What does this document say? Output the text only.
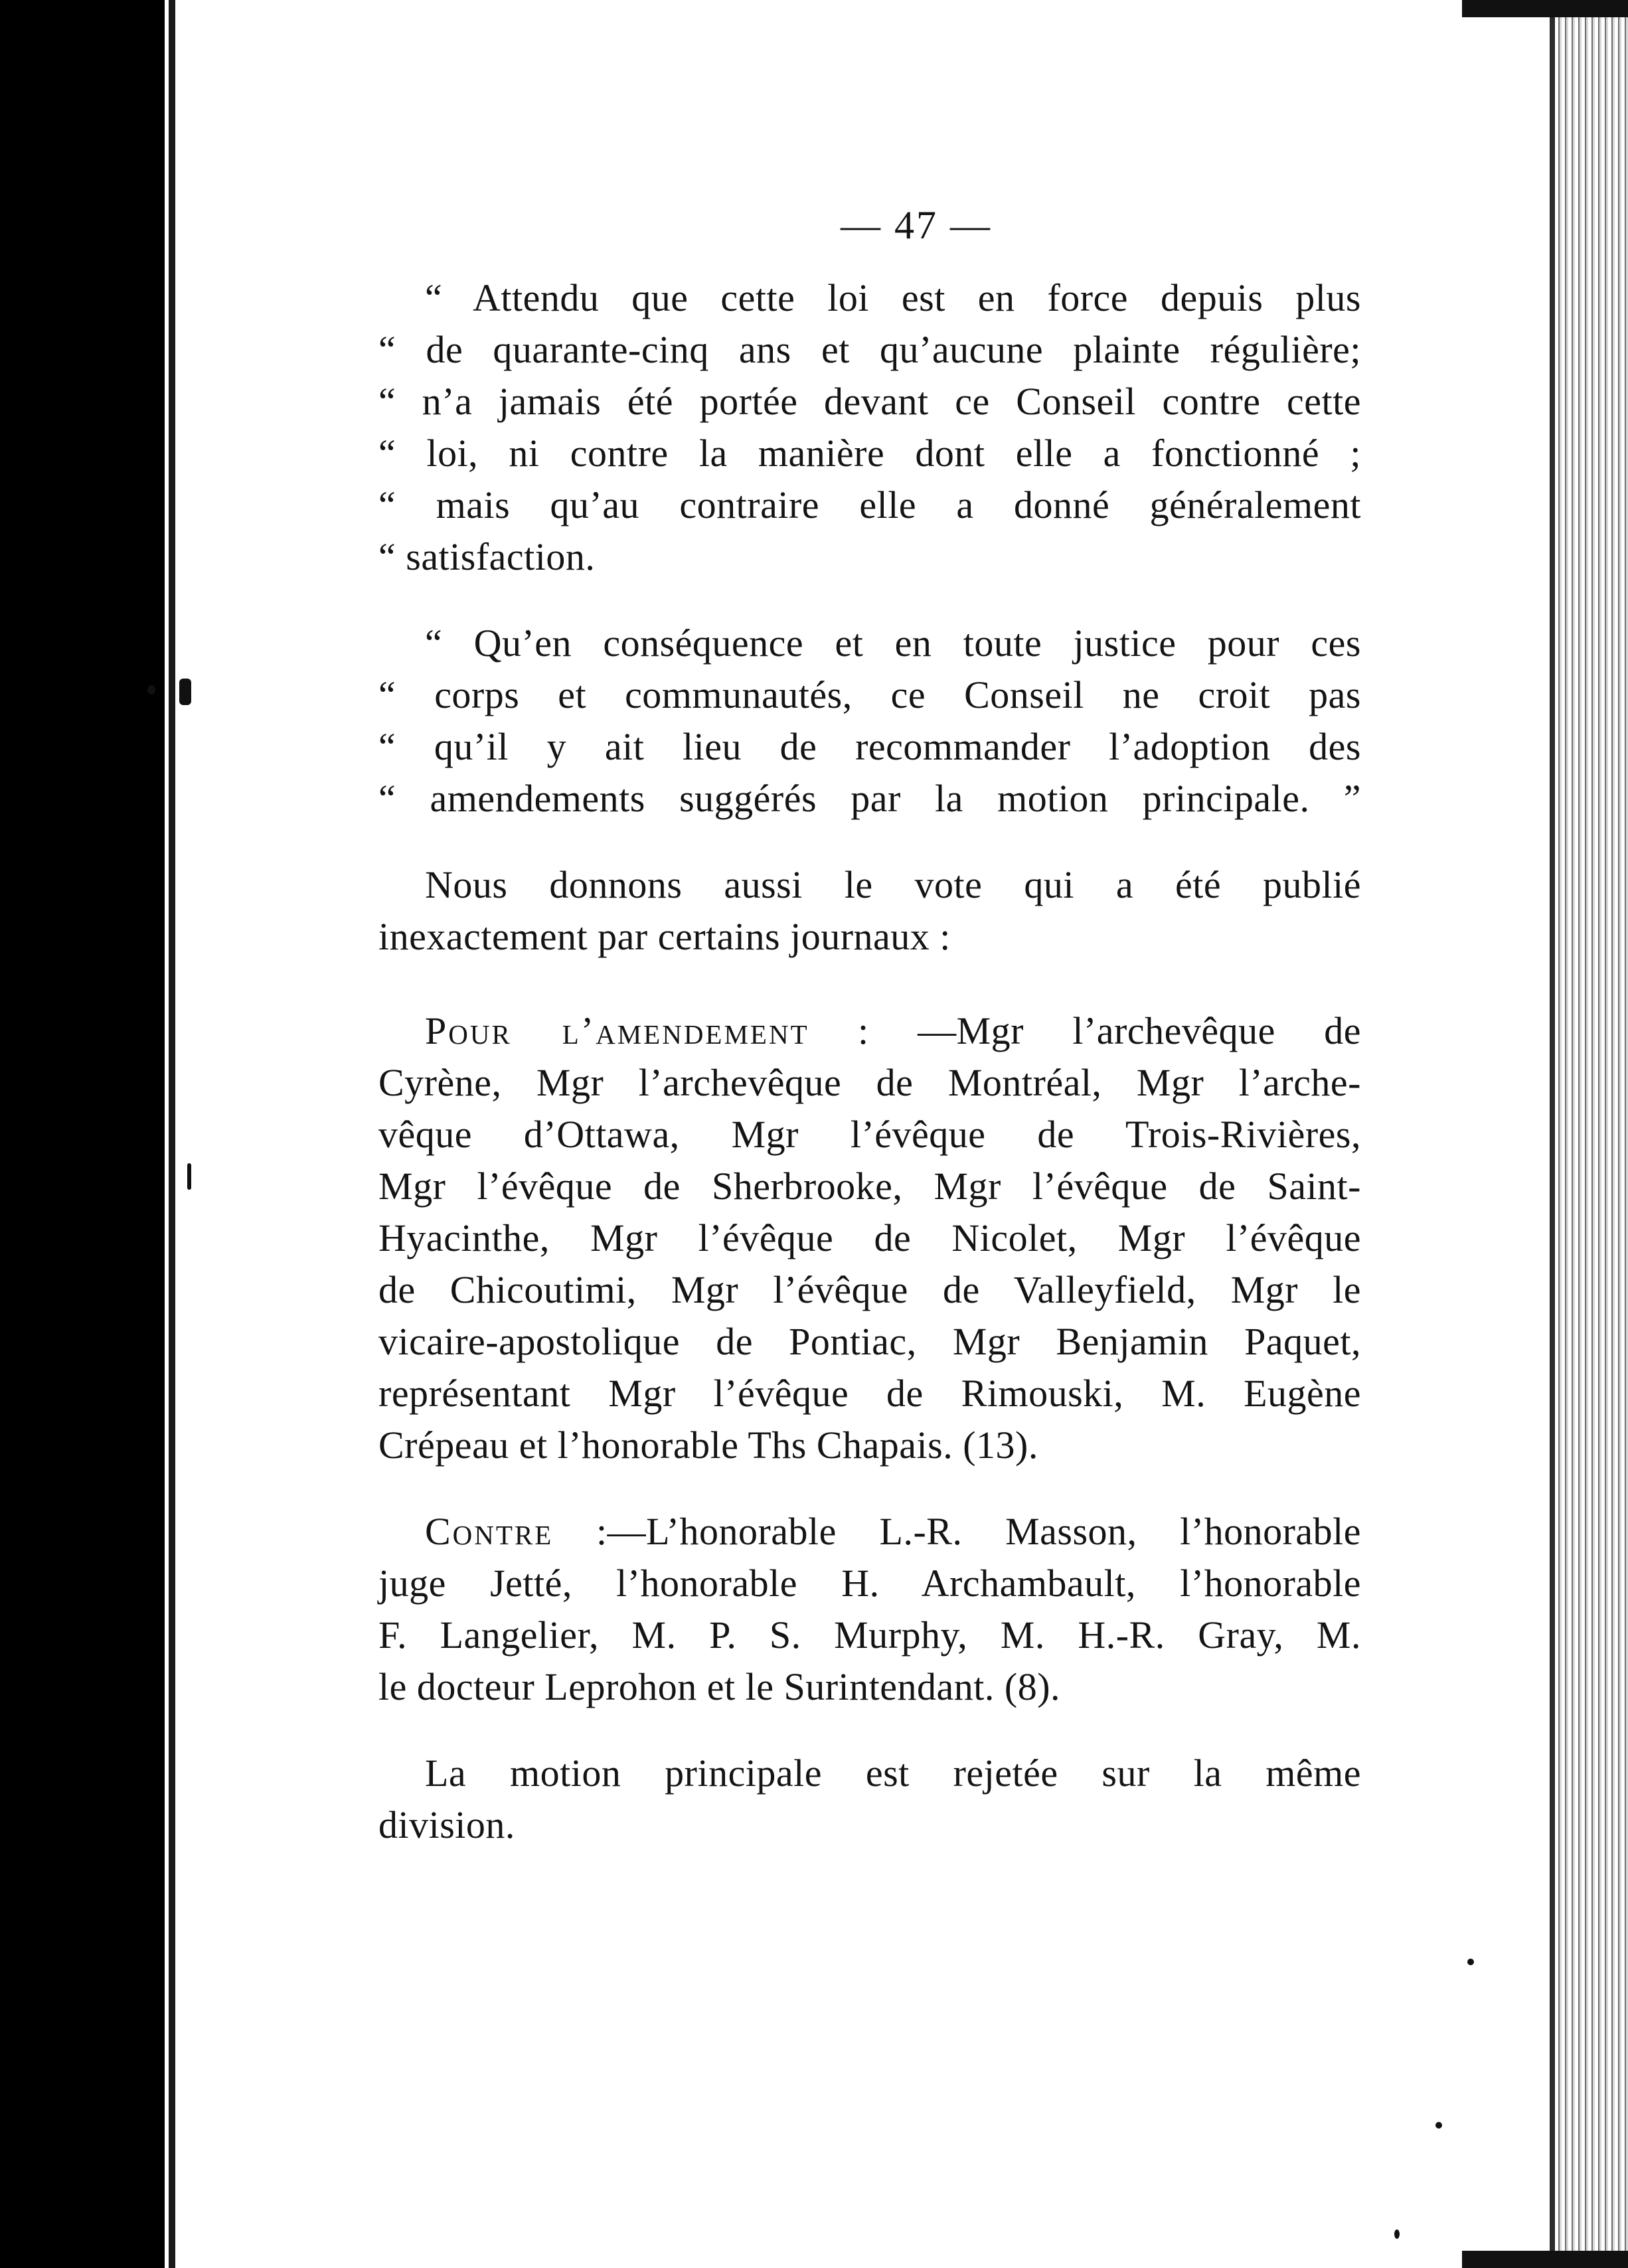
— 47 —
“ Attendu que cette loi est en force depuis plus
“ de quarante-cinq ans et qu’aucune plainte régulière;
“ n’a jamais été portée devant ce Conseil contre cette
“ loi, ni contre la manière dont elle a fonctionné ;
“ mais qu’au contraire elle a donné généralement
“ satisfaction.
“ Qu’en conséquence et en toute justice pour ces
“ corps et communautés, ce Conseil ne croit pas
“ qu’il y ait lieu de recommander l’adoption des
“ amendements suggérés par la motion principale. ”
Nous donnons aussi le vote qui a été publié
inexactement par certains journaux :
Pour l’amendement : —Mgr l’archevêque de
Cyrène, Mgr l’archevêque de Montréal, Mgr l’arche-
vêque d’Ottawa, Mgr l’évêque de Trois-Rivières,
Mgr l’évêque de Sherbrooke, Mgr l’évêque de Saint-
Hyacinthe, Mgr l’évêque de Nicolet, Mgr l’évêque
de Chicoutimi, Mgr l’évêque de Valleyfield, Mgr le
vicaire-apostolique de Pontiac, Mgr Benjamin Paquet,
représentant Mgr l’évêque de Rimouski, M. Eugène
Crépeau et l’honorable Ths Chapais. (13).
Contre :—L’honorable L.-R. Masson, l’honorable
juge Jetté, l’honorable H. Archambault, l’honorable
F. Langelier, M. P. S. Murphy, M. H.-R. Gray, M.
le docteur Leprohon et le Surintendant. (8).
La motion principale est rejetée sur la même
division.
